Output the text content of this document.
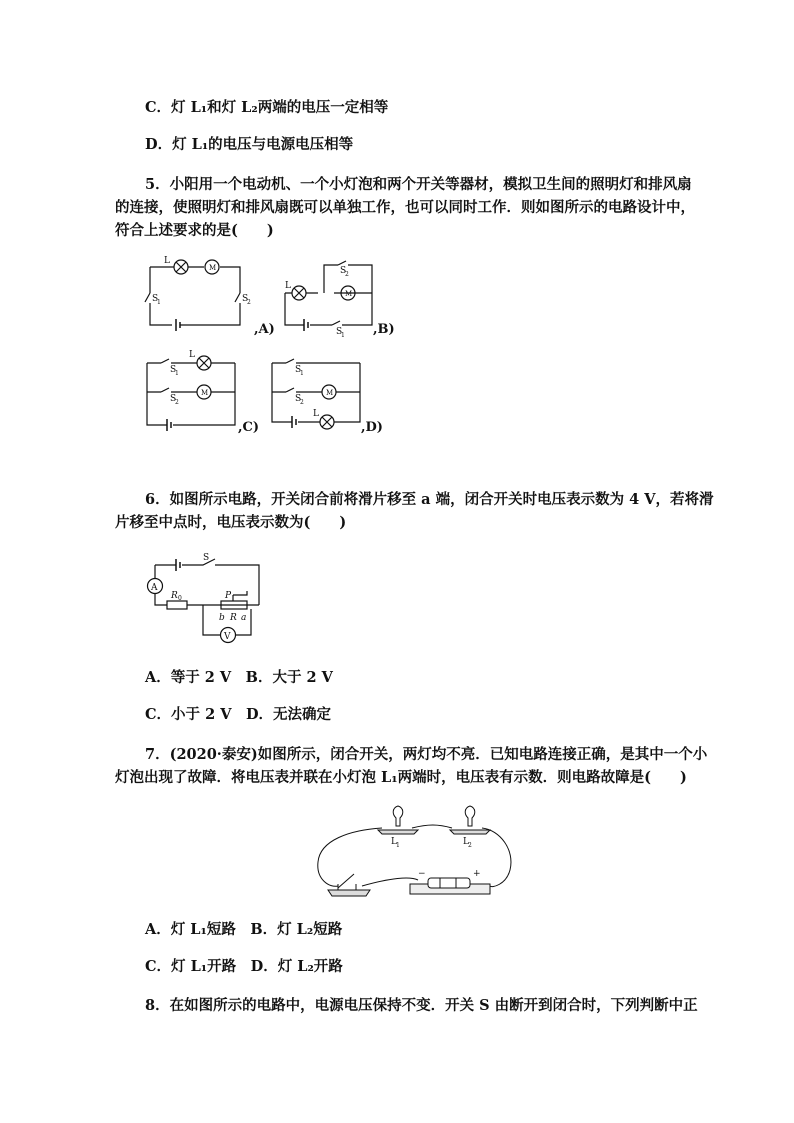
C．灯 L₁和灯 L₂两端的电压一定相等
D．灯 L₁的电压与电源电压相等
5．小阳用一个电动机、一个小灯泡和两个开关等器材，模拟卫生间的照明灯和排风扇
的连接，使照明灯和排风扇既可以单独工作，也可以同时工作．则如图所示的电路设计中，
符合上述要求的是(　　)
M
L
S
1	S
2
,A)
M
L
S
2
S
1 ,B)
M
L
S
1
S
2
,C)
M
L
S
1
S
2
,D)
6．如图所示电路，开关闭合前将滑片移至 a 端，闭合开关时电压表示数为 4 V，若将滑
片移至中点时，电压表示数为(　　)
A
V
S
R 0	P
b R a
A．等于 2 V　B．大于 2 V
C．小于 2 V　D．无法确定
7．(2020·泰安)如图所示，闭合开关，两灯均不亮．已知电路连接正确，是其中一个小
灯泡出现了故障．将电压表并联在小灯泡 L₁两端时，电压表有示数．则电路故障是(　　)
L 1	L 2
−	+
A．灯 L₁短路　B．灯 L₂短路
C．灯 L₁开路　D．灯 L₂开路
8．在如图所示的电路中，电源电压保持不变．开关 S 由断开到闭合时，下列判断中正
